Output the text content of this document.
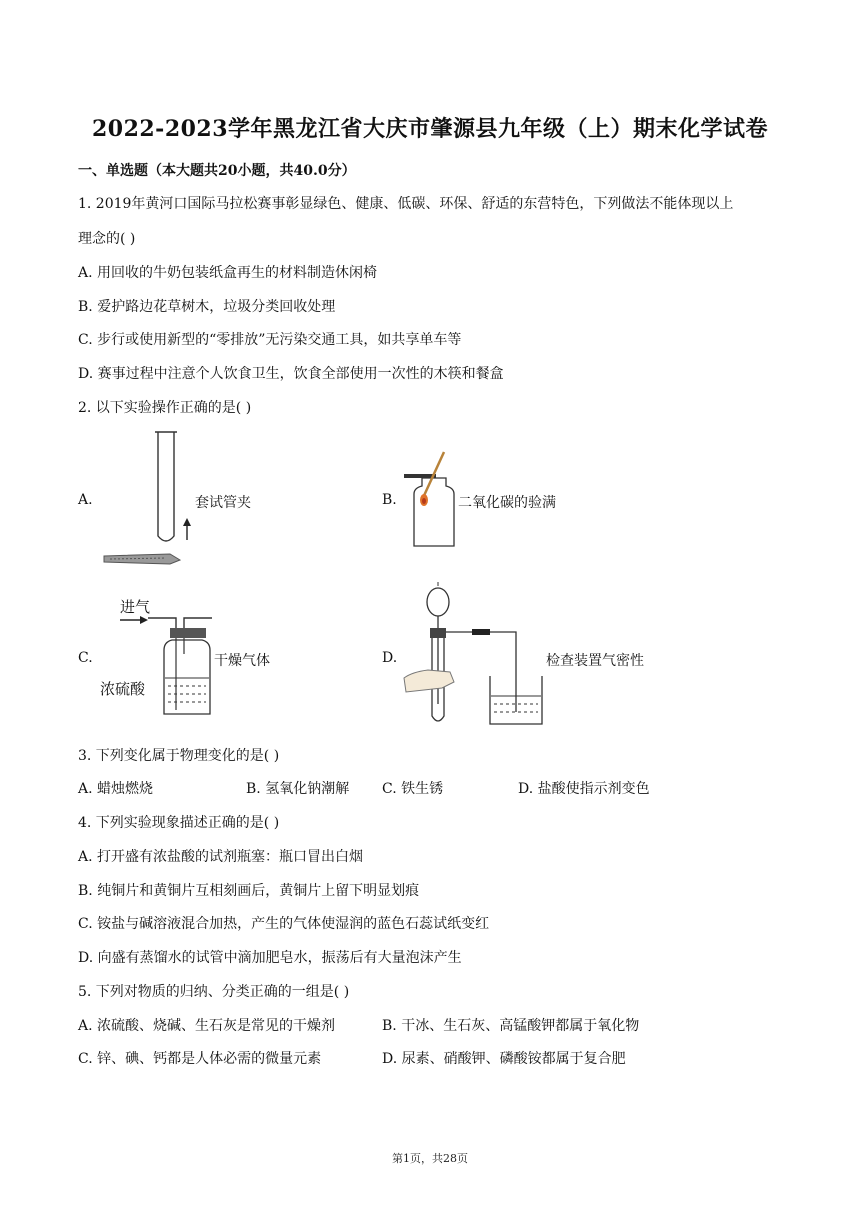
2022-2023学年黑龙江省大庆市肇源县九年级（上）期末化学试卷
一、单选题（本大题共20小题，共40.0分）
1. 2019年黄河口国际马拉松赛事彰显绿色、健康、低碳、环保、舒适的东营特色，下列做法不能体现以上
理念的( )
A. 用回收的牛奶包装纸盒再生的材料制造休闲椅
B. 爱护路边花草树木，垃圾分类回收处理
C. 步行或使用新型的“零排放”无污染交通工具，如共享单车等
D. 赛事过程中注意个人饮食卫生，饮食全部使用一次性的木筷和餐盒
2. 以下实验操作正确的是( )
A.	套试管夹	B.	二氧化碳的验满
C.
进气
浓硫酸
干燥气体	D.	检查装置气密性
3. 下列变化属于物理变化的是( )
A. 蜡烛燃烧	B. 氢氧化钠潮解 C. 铁生锈	D. 盐酸使指示剂变色
4. 下列实验现象描述正确的是( )
A. 打开盛有浓盐酸的试剂瓶塞：瓶口冒出白烟
B. 纯铜片和黄铜片互相刻画后，黄铜片上留下明显划痕
C. 铵盐与碱溶液混合加热，产生的气体使湿润的蓝色石蕊试纸变红
D. 向盛有蒸馏水的试管中滴加肥皂水，振荡后有大量泡沫产生
5. 下列对物质的归纳、分类正确的一组是( )
A. 浓硫酸、烧碱、生石灰是常见的干燥剂	B. 干冰、生石灰、高锰酸钾都属于氧化物
C. 锌、碘、钙都是人体必需的微量元素	D. 尿素、硝酸钾、磷酸铵都属于复合肥
第1页，共28页
